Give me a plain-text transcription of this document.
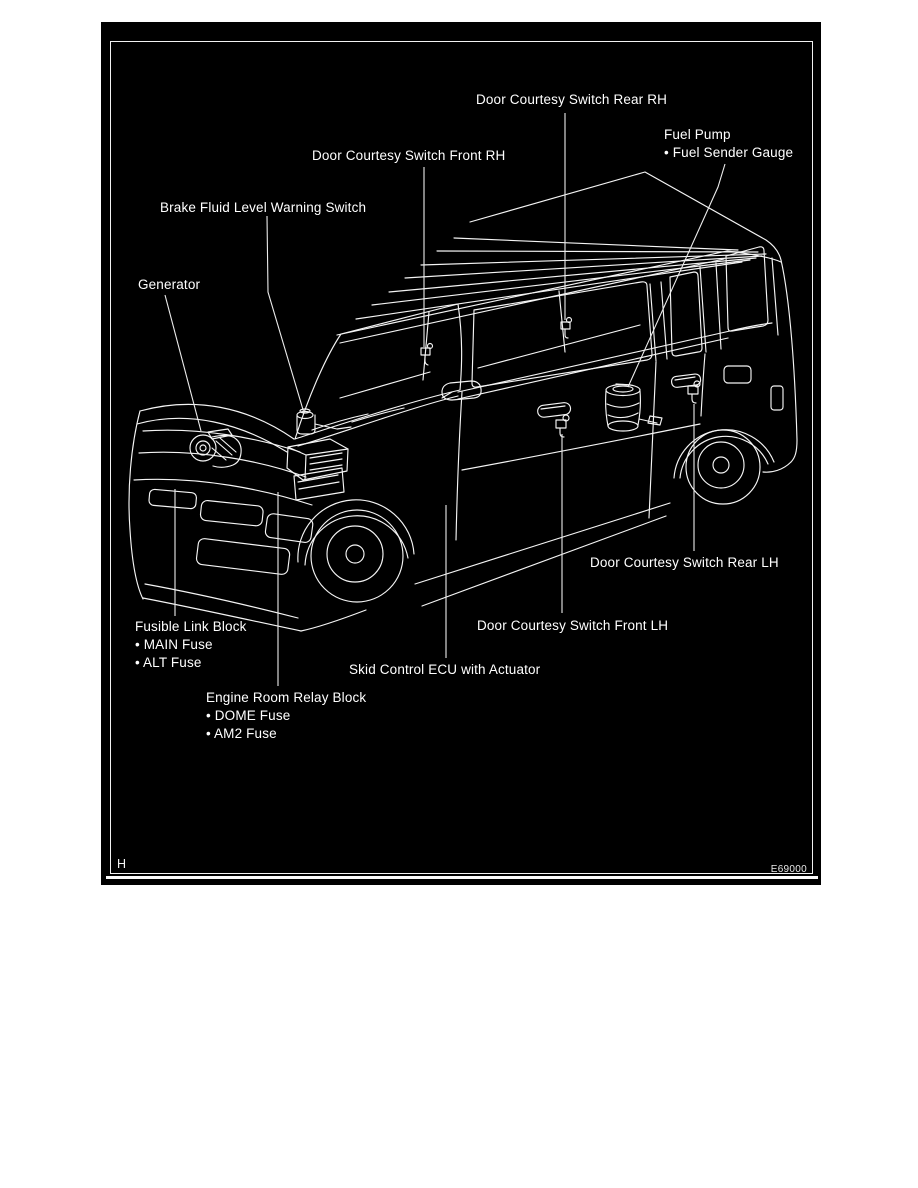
Door Courtesy Switch Rear RH
Fuel Pump
• Fuel Sender Gauge
Door Courtesy Switch Front RH
Brake Fluid Level Warning Switch
Generator
Door Courtesy Switch Rear LH
Door Courtesy Switch Front LH
Fusible Link Block
• MAIN Fuse
• ALT Fuse	Skid Control ECU with Actuator
Engine Room Relay Block
• DOME Fuse
• AM2 Fuse
H	E69000
